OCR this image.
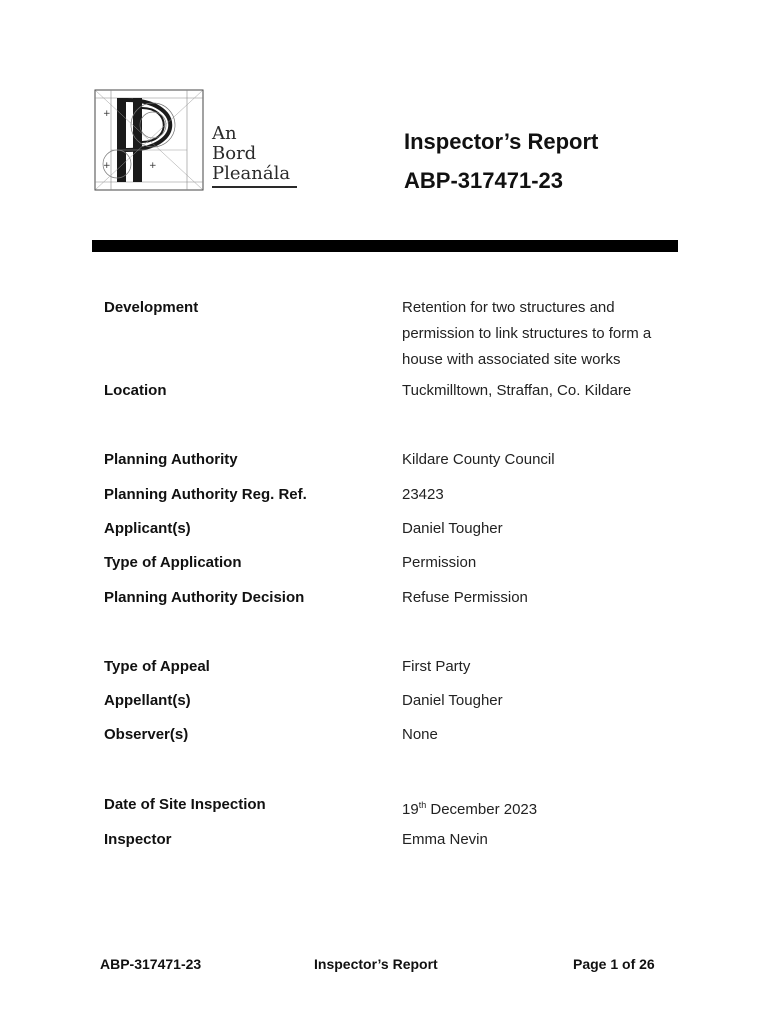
+
+	+
An
Bord
Pleanála
Inspector’s Report
ABP-317471-23
Development	Retention for two structures and permission to link structures to form a house with associated site works
Location	Tuckmilltown, Straffan, Co. Kildare
Planning Authority	Kildare County Council
Planning Authority Reg. Ref.	23423
Applicant(s)	Daniel Tougher
Type of Application	Permission
Planning Authority Decision	Refuse Permission
Type of Appeal	First Party
Appellant(s)	Daniel Tougher
Observer(s)	None
Date of Site Inspection	19th December 2023
Inspector	Emma Nevin
ABP-317471-23	Inspector’s Report	Page 1 of 26
